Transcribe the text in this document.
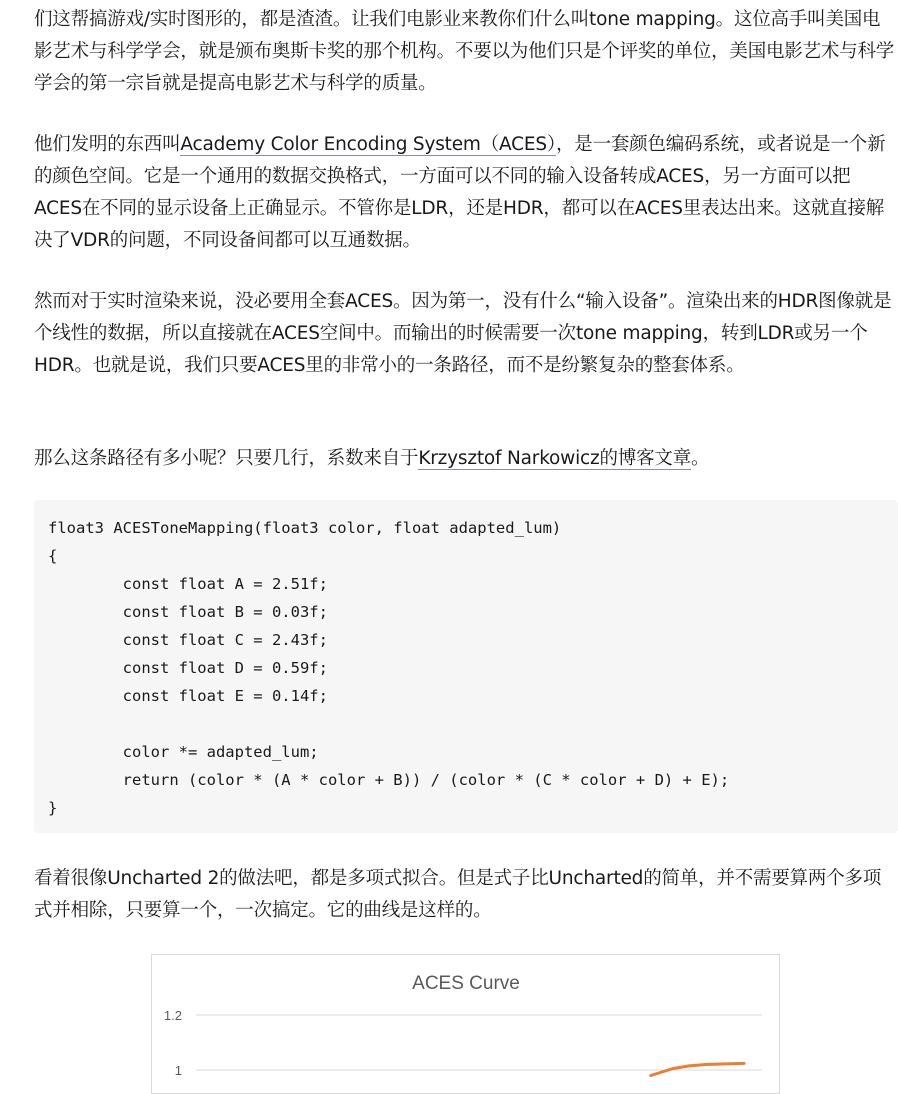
们这帮搞游戏/实时图形的，都是渣渣。让我们电影业来教你们什么叫tone mapping。这位高手叫美国电影艺术与科学学会，就是颁布奥斯卡奖的那个机构。不要以为他们只是个评奖的单位，美国电影艺术与科学学会的第一宗旨就是提高电影艺术与科学的质量。

他们发明的东西叫Academy Color Encoding System（ACES），是一套颜色编码系统，或者说是一个新的颜色空间。它是一个通用的数据交换格式，一方面可以不同的输入设备转成ACES，另一方面可以把ACES在不同的显示设备上正确显示。不管你是LDR，还是HDR，都可以在ACES里表达出来。这就直接解决了VDR的问题，不同设备间都可以互通数据。

然而对于实时渲染来说，没必要用全套ACES。因为第一，没有什么“输入设备”。渲染出来的HDR图像就是个线性的数据，所以直接就在ACES空间中。而输出的时候需要一次tone mapping，转到LDR或另一个HDR。也就是说，我们只要ACES里的非常小的一条路径，而不是纷繁复杂的整套体系。

那么这条路径有多小呢？只要几行，系数来自于Krzysztof Narkowicz的博客文章。

float3 ACESToneMapping(float3 color, float adapted_lum)
{
const float A = 2.51f;
const float B = 0.03f;
const float C = 2.43f;
const float D = 0.59f;
const float E = 0.14f;

color *= adapted_lum;
return (color * (A * color + B)) / (color * (C * color + D) + E);
}

看着很像Uncharted 2的做法吧，都是多项式拟合。但是式子比Uncharted的简单，并不需要算两个多项式并相除，只要算一个，一次搞定。它的曲线是这样的。

ACES Curve
1.2
1
